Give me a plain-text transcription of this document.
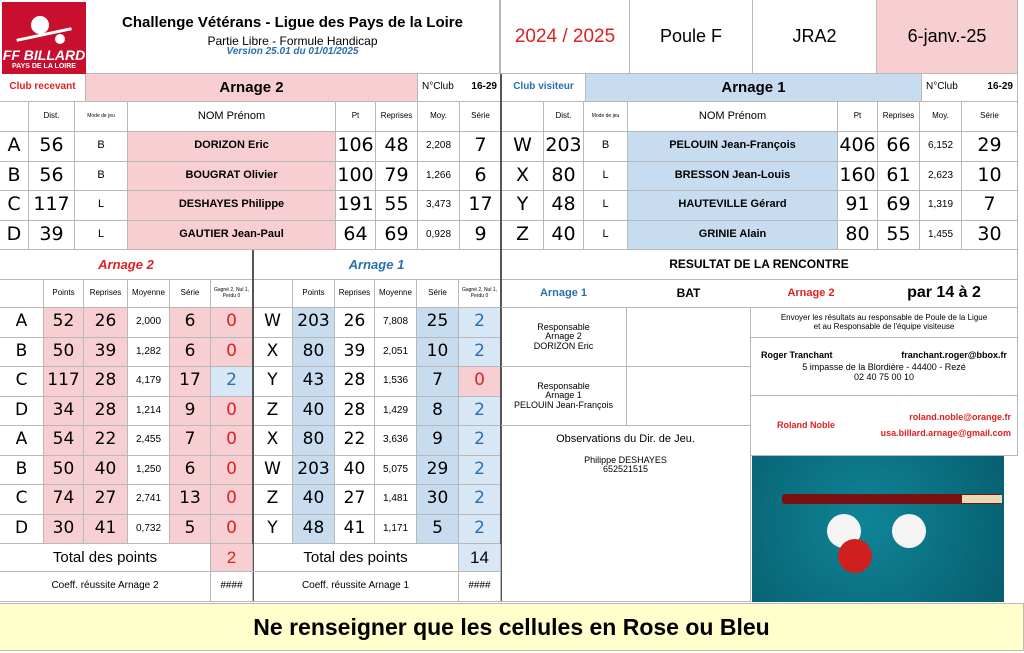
FF BILLARD
PAYS DE LA LOIRE
Challenge Vétérans - Ligue des Pays de la Loire
Partie Libre - Formule Handicap
Version 25.01 du 01/01/2025
2024 / 2025	Poule F	JRA2	6-janv.-25
Club recevant	Arnage 2	N°Club 16-29	Club visiteur	Arnage 1	N°Club	16-29
Dist.	Mode de jeu	NOM Prénom	Pt	Reprises	Moy.	Série
A 56	B	DORIZON Eric	106 48	2,208	7
B 56	B	BOUGRAT Olivier	100 79	1,266	6
C 117	L	DESHAYES Philippe	191 55	3,473 17
D 39	L	GAUTIER Jean-Paul	64 69	0,928	9
Dist.	Mode de jeu	NOM Prénom	Pt	Reprises	Moy.	Série
W 203	B	PELOUIN Jean-François	406 66	6,152	29
X	80	L	BRESSON Jean-Louis	160 61	2,623	10
Y	48	L	HAUTEVILLE Gérard	91 69	1,319	7
Z	40	L	GRINIE Alain	80 55	1,455	30
Arnage 2	Arnage 1	RESULTAT DE LA RENCONTRE
Points	Reprises	Moyenne	Série	Gagné 2, Nul 1, Perdu 0	Points	Reprises	Moyenne	Série	Gagné 2, Nul 1, Perdu 0
A	52	26	2,000	6	0	W 203 26	7,808	25	2
B	50	39	1,282	6	0	X	80	39	2,051	10	2
C	117 28	4,179	17	2	Y	43	28	1,536	7	0
D	34	28	1,214	9	0	Z	40	28	1,429	8	2
A	54	22	2,455	7	0	X	80	22	3,636	9	2
B	50	40	1,250	6	0	W 203 40	5,075	29	2
C	74	27	2,741	13	0	Z	40	27	1,481	30	2
D	30	41	0,732	5	0	Y	48	41	1,171	5	2
Total des points	2	Total des points	14
Coeff. réussite Arnage 2	####	Coeff. réussite Arnage 1	####
Arnage 1	BAT	Arnage 2	par 14 à 2
Responsable
Arnage 2
DORIZON Eric
Responsable
Arnage 1
PELOUIN Jean-François
Observations du Dir. de Jeu.
Philippe DESHAYES
652521515
Envoyer les résultats au responsable de Poule de la Ligue
et au Responsable de l'équipe visiteuse
Roger Tranchant	franchant.roger@bbox.fr
5 impasse de la Blordière - 44400 - Rezé
02 40 75 00 10
Roland Noble
roland.noble@orange.fr
usa.billard.arnage@gmail.com
Ne renseigner que les cellules en Rose ou Bleu
